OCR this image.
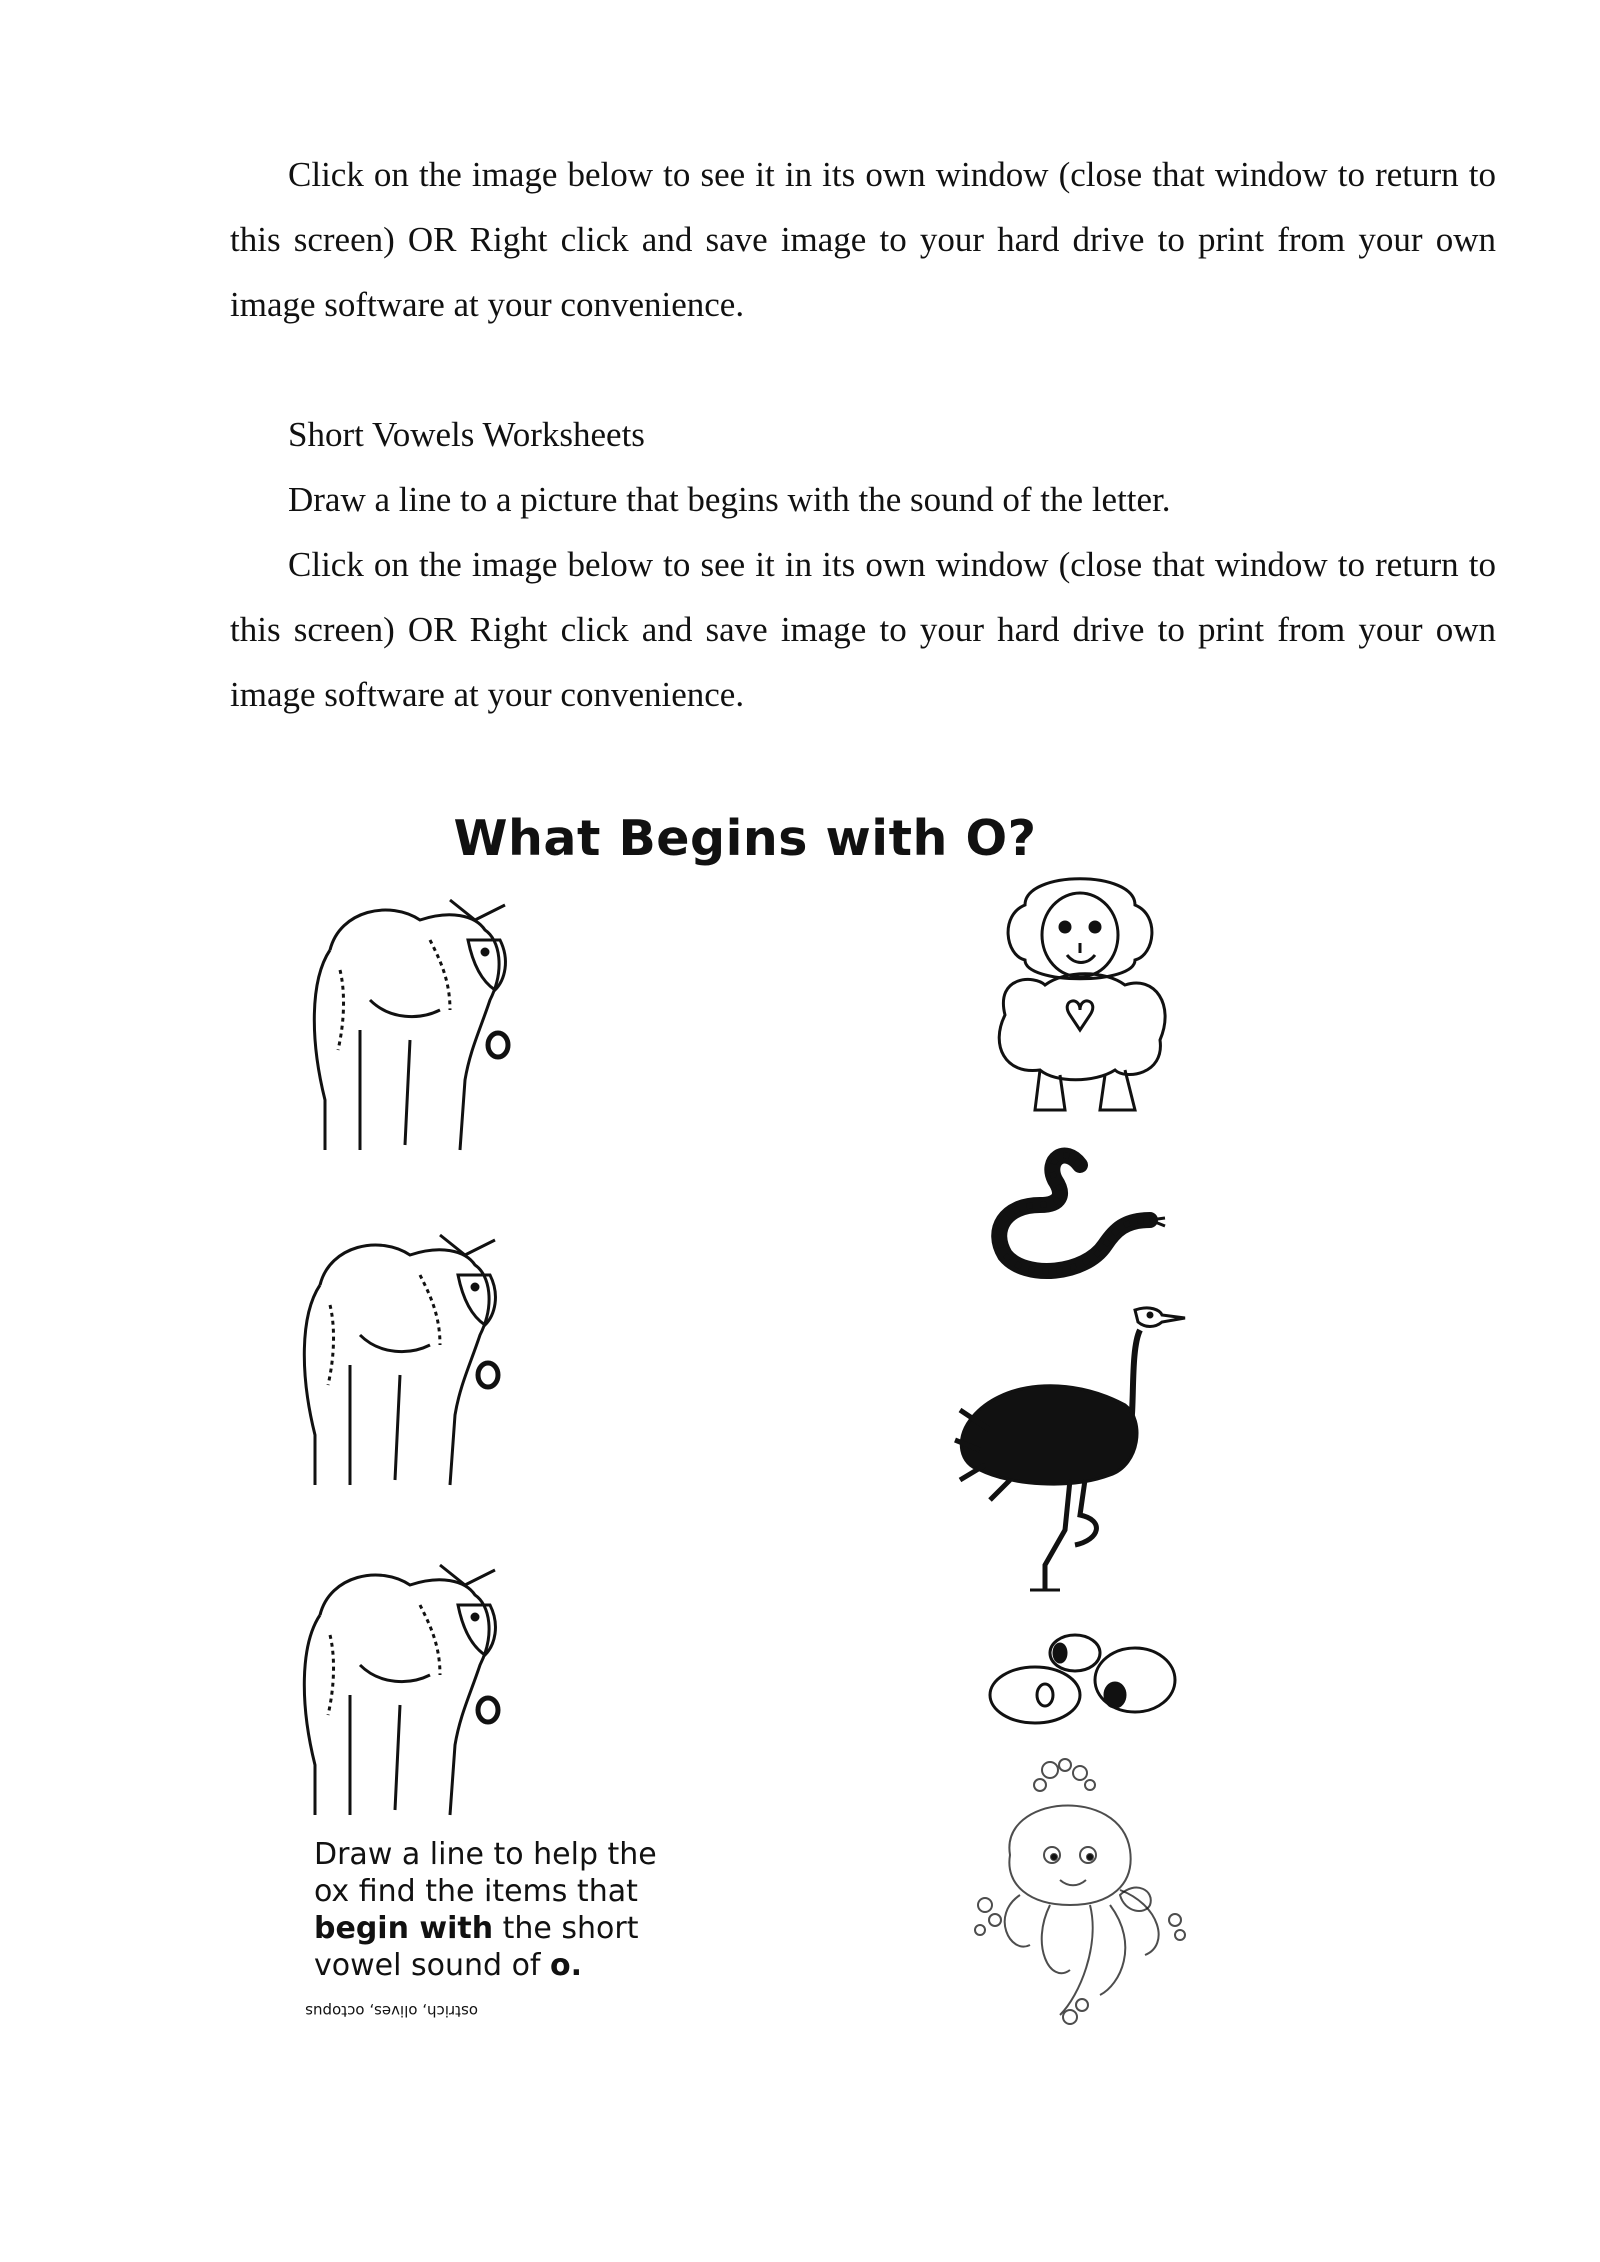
Click on the image below to see it in its own window (close that window to return to this screen) OR Right click and save image to your hard drive to print from your own image software at your convenience.

Short Vowels Worksheets

Draw a line to a picture that begins with the sound of the letter.

Click on the image below to see it in its own window (close that window to return to this screen) OR Right click and save image to your hard drive to print from your own image software at your convenience.
What Begins with O?
Draw a line to help the
ox find the items that
begin with the short
vowel sound of o.
ostrich, olives, octopus
